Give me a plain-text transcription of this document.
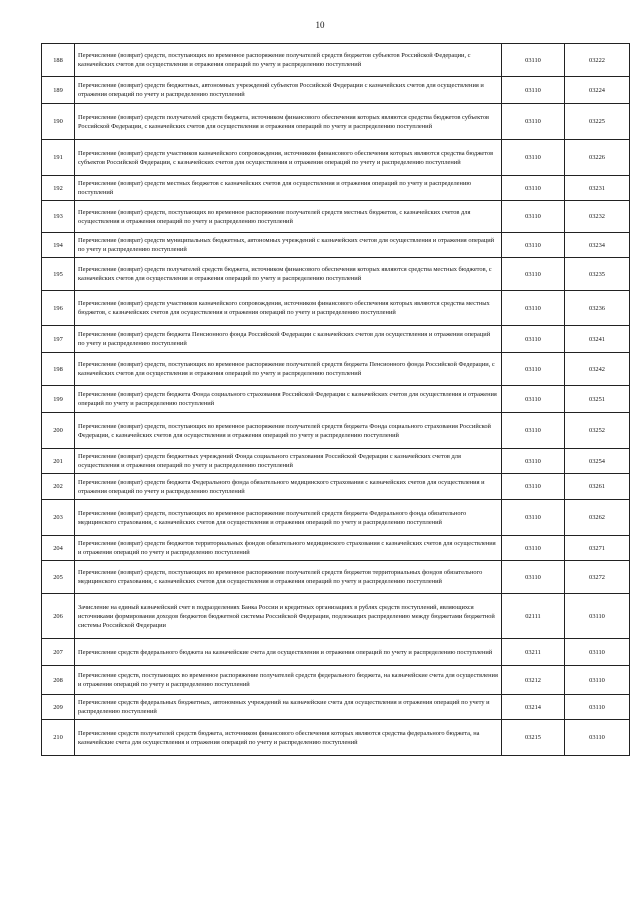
10
188	Перечисление (возврат) средств, поступающих во временное распоряжение получателей средств бюджетов субъектов Российской Федерации, с казначейских счетов для осуществления и отражения операций по учету и распределению поступлений	03110	03222
189	Перечисление (возврат) средств бюджетных, автономных учреждений субъектов Российской Федерации с казначейских счетов для осуществления и отражения операций по учету и распределению поступлений	03110	03224
190	Перечисление (возврат) средств получателей средств бюджета, источником финансового обеспечения которых являются средства бюджетов субъектов Российской Федерации, с казначейских счетов для осуществления и отражения операций по учету и распределению поступлений	03110	03225
191	Перечисление (возврат) средств участников казначейского сопровождения, источником финансового обеспечения которых являются средства бюджетов субъектов Российской Федерации, с казначейских счетов для осуществления и отражения операций по учету и распределению поступлений	03110	03226
192	Перечисление (возврат) средств местных бюджетов с казначейских счетов для осуществления и отражения операций по учету и распределению поступлений	03110	03231
193	Перечисление (возврат) средств, поступающих во временное распоряжение получателей средств местных бюджетов, с казначейских счетов для осуществления и отражения операций по учету и распределению поступлений	03110	03232
194	Перечисление (возврат) средств муниципальных бюджетных, автономных учреждений с казначейских счетов для осуществления и отражения операций по учету и распределению поступлений	03110	03234
195	Перечисление (возврат) средств получателей средств бюджета, источником финансового обеспечения которых являются средства местных бюджетов, с казначейских счетов для осуществления и отражения операций по учету и распределению поступлений	03110	03235
196	Перечисление (возврат) средств участников казначейского сопровождения, источником финансового обеспечения которых являются средства местных бюджетов, с казначейских счетов для осуществления и отражения операций по учету и распределению поступлений	03110	03236
197	Перечисление (возврат) средств бюджета Пенсионного фонда Российской Федерации с казначейских счетов для осуществления и отражения операций по учету и распределению поступлений	03110	03241
198	Перечисление (возврат) средств, поступающих во временное распоряжение получателей средств бюджета Пенсионного фонда Российской Федерации, с казначейских счетов для осуществления и отражения операций по учету и распределению поступлений	03110	03242
199	Перечисление (возврат) средств бюджета Фонда социального страхования Российской Федерации с казначейских счетов для осуществления и отражения операций по учету и распределению поступлений	03110	03251
200	Перечисление (возврат) средств, поступающих во временное распоряжение получателей средств бюджета Фонда социального страхования Российской Федерации, с казначейских счетов для осуществления и отражения операций по учету и распределению поступлений	03110	03252
201	Перечисление (возврат) средств бюджетных учреждений Фонда социального страхования Российской Федерации с казначейских счетов для осуществления и отражения операций по учету и распределению поступлений	03110	03254
202	Перечисление (возврат) средств бюджета Федерального фонда обязательного медицинского страхования с казначейских счетов для осуществления и отражения операций по учету и распределению поступлений	03110	03261
203	Перечисление (возврат) средств, поступающих во временное распоряжение получателей средств бюджета Федерального фонда обязательного медицинского страхования, с казначейских счетов для осуществления и отражения операций по учету и распределению поступлений	03110	03262
204	Перечисление (возврат) средств бюджетов территориальных фондов обязательного медицинского страхования с казначейских счетов для осуществления и отражения операций по учету и распределению поступлений	03110	03271
205	Перечисление (возврат) средств, поступающих во временное распоряжение получателей средств бюджетов территориальных фондов обязательного медицинского страхования, с казначейских счетов для осуществления и отражения операций по учету и распределению поступлений	03110	03272
206	Зачисление на единый казначейский счет в подразделениях Банка России и кредитных организациях в рублях средств поступлений, являющихся источниками формирования доходов бюджетов бюджетной системы Российской Федерации, подлежащих распределению между бюджетами бюджетной системы Российской Федерации	02111	03110
207	Перечисление средств федерального бюджета на казначейские счета для осуществления и отражения операций по учету и распределению поступлений	03211	03110
208	Перечисление средств, поступающих во временное распоряжение получателей средств федерального бюджета, на казначейские счета для осуществления и отражения операций по учету и распределению поступлений	03212	03110
209	Перечисление средств федеральных бюджетных, автономных учреждений на казначейские счета для осуществления и отражения операций по учету и распределению поступлений	03214	03110
210	Перечисление средств получателей средств бюджета, источником финансового обеспечения которых являются средства федерального бюджета, на казначейские счета для осуществления и отражения операций по учету и распределению поступлений	03215	03110
